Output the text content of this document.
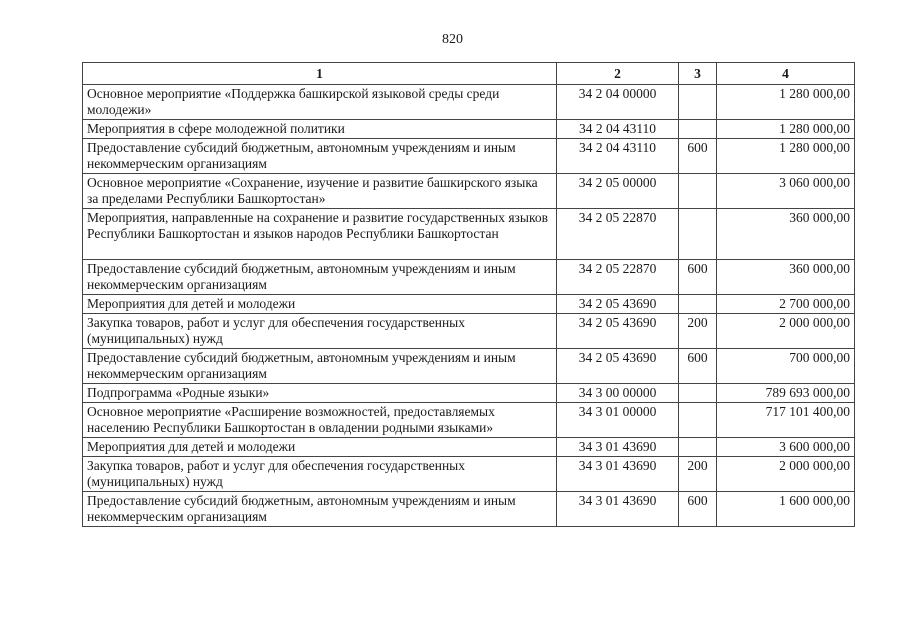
820
1	2	3	4
Основное мероприятие «Поддержка башкирской языковой среды среди молодежи»	34 2 04 00000		1 280 000,00
Мероприятия в сфере молодежной политики	34 2 04 43110		1 280 000,00
Предоставление субсидий бюджетным, автономным учреждениям и иным некоммерческим организациям	34 2 04 43110	600	1 280 000,00
Основное мероприятие «Сохранение, изучение и развитие башкирского языка за пределами Республики Башкортостан»	34 2 05 00000		3 060 000,00
Мероприятия, направленные на сохранение и развитие государственных языков Республики Башкортостан и языков народов Республики Башкортостан	34 2 05 22870		360 000,00
Предоставление субсидий бюджетным, автономным учреждениям и иным некоммерческим организациям	34 2 05 22870	600	360 000,00
Мероприятия для детей и молодежи	34 2 05 43690		2 700 000,00
Закупка товаров, работ и услуг для обеспечения государственных (муниципальных) нужд	34 2 05 43690	200	2 000 000,00
Предоставление субсидий бюджетным, автономным учреждениям и иным некоммерческим организациям	34 2 05 43690	600	700 000,00
Подпрограмма «Родные языки»	34 3 00 00000		789 693 000,00
Основное мероприятие «Расширение возможностей, предоставляемых населению Республики Башкортостан в овладении родными языками»	34 3 01 00000		717 101 400,00
Мероприятия для детей и молодежи	34 3 01 43690		3 600 000,00
Закупка товаров, работ и услуг для обеспечения государственных (муниципальных) нужд	34 3 01 43690	200	2 000 000,00
Предоставление субсидий бюджетным, автономным учреждениям и иным некоммерческим организациям	34 3 01 43690	600	1 600 000,00
